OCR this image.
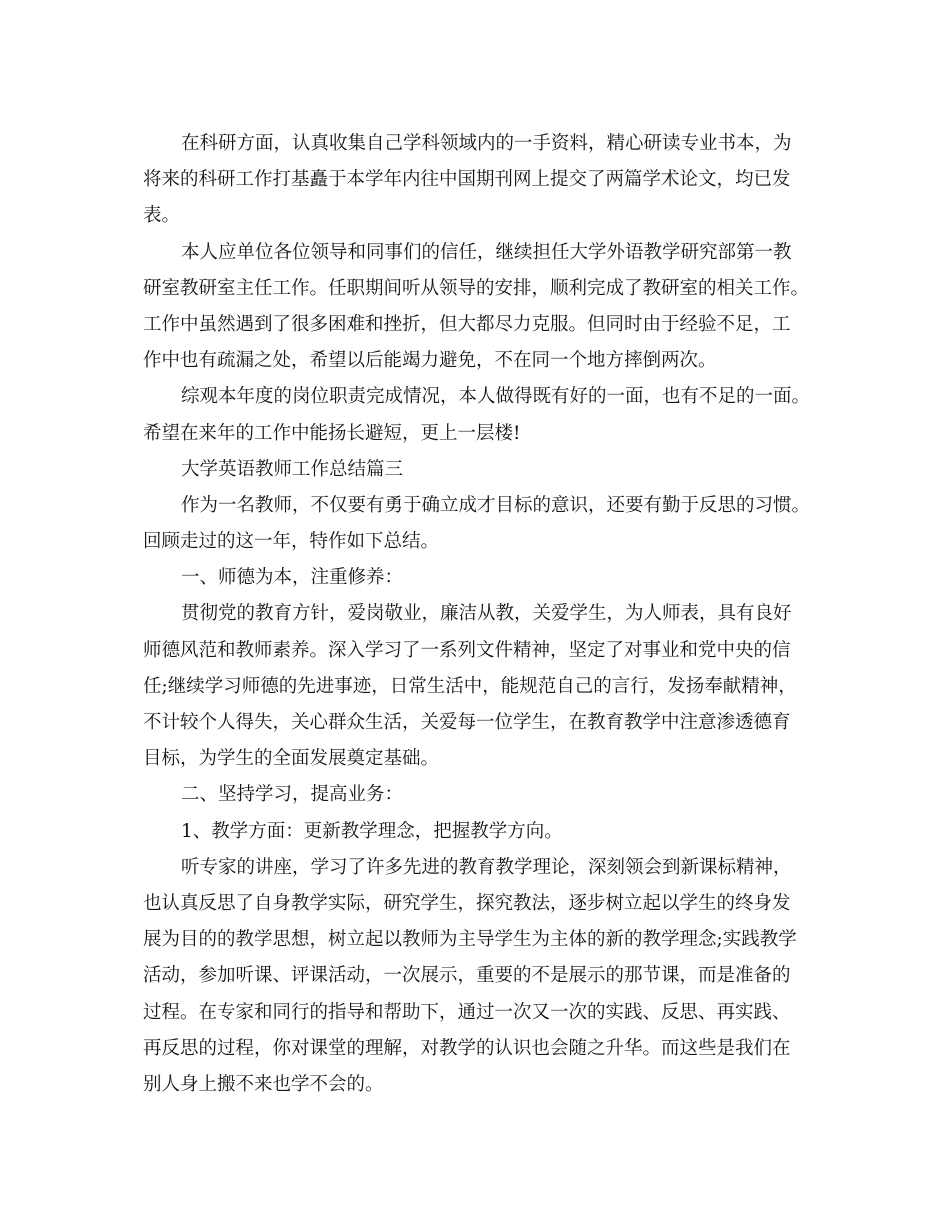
在科研方面，认真收集自己学科领域内的一手资料，精心研读专业书本，为
将来的科研工作打基矗于本学年内往中国期刊网上提交了两篇学术论文，均已发
表。
本人应单位各位领导和同事们的信任，继续担任大学外语教学研究部第一教
研室教研室主任工作。任职期间听从领导的安排，顺利完成了教研室的相关工作。
工作中虽然遇到了很多困难和挫折，但大都尽力克服。但同时由于经验不足，工
作中也有疏漏之处，希望以后能竭力避免，不在同一个地方摔倒两次。
综观本年度的岗位职责完成情况，本人做得既有好的一面，也有不足的一面。
希望在来年的工作中能扬长避短，更上一层楼!
大学英语教师工作总结篇三
作为一名教师，不仅要有勇于确立成才目标的意识，还要有勤于反思的习惯。
回顾走过的这一年，特作如下总结。
一、师德为本，注重修养：
贯彻党的教育方针，爱岗敬业，廉洁从教，关爱学生，为人师表，具有良好
师德风范和教师素养。深入学习了一系列文件精神，坚定了对事业和党中央的信
任;继续学习师德的先进事迹，日常生活中，能规范自己的言行，发扬奉献精神，
不计较个人得失，关心群众生活，关爱每一位学生，在教育教学中注意渗透德育
目标，为学生的全面发展奠定基础。
二、坚持学习，提高业务：
1、教学方面：更新教学理念，把握教学方向。
听专家的讲座，学习了许多先进的教育教学理论，深刻领会到新课标精神，
也认真反思了自身教学实际，研究学生，探究教法，逐步树立起以学生的终身发
展为目的的教学思想，树立起以教师为主导学生为主体的新的教学理念;实践教学
活动，参加听课、评课活动，一次展示，重要的不是展示的那节课，而是准备的
过程。在专家和同行的指导和帮助下，通过一次又一次的实践、反思、再实践、
再反思的过程，你对课堂的理解，对教学的认识也会随之升华。而这些是我们在
别人身上搬不来也学不会的。
